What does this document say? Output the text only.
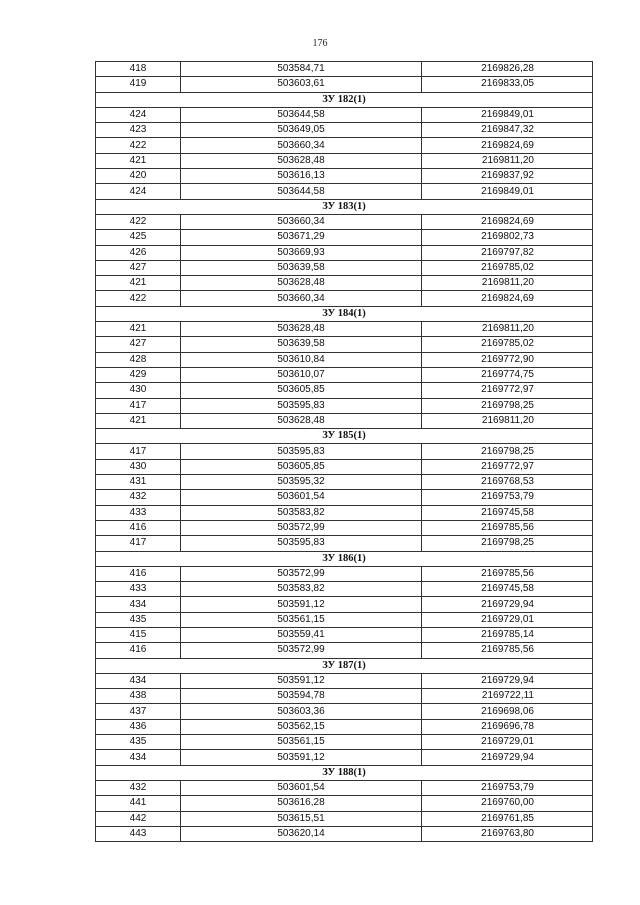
176
418	503584,71	2169826,28
419	503603,61	2169833,05
ЗУ 182(1)		
424	503644,58	2169849,01
423	503649,05	2169847,32
422	503660,34	2169824,69
421	503628,48	2169811,20
420	503616,13	2169837,92
424	503644,58	2169849,01
ЗУ 183(1)		
422	503660,34	2169824,69
425	503671,29	2169802,73
426	503669,93	2169797,82
427	503639,58	2169785,02
421	503628,48	2169811,20
422	503660,34	2169824,69
ЗУ 184(1)		
421	503628,48	2169811,20
427	503639,58	2169785,02
428	503610,84	2169772,90
429	503610,07	2169774,75
430	503605,85	2169772,97
417	503595,83	2169798,25
421	503628,48	2169811,20
ЗУ 185(1)		
417	503595,83	2169798,25
430	503605,85	2169772,97
431	503595,32	2169768,53
432	503601,54	2169753,79
433	503583,82	2169745,58
416	503572,99	2169785,56
417	503595,83	2169798,25
ЗУ 186(1)		
416	503572,99	2169785,56
433	503583,82	2169745,58
434	503591,12	2169729,94
435	503561,15	2169729,01
415	503559,41	2169785,14
416	503572,99	2169785,56
ЗУ 187(1)		
434	503591,12	2169729,94
438	503594,78	2169722,11
437	503603,36	2169698,06
436	503562,15	2169696,78
435	503561,15	2169729,01
434	503591,12	2169729,94
ЗУ 188(1)		
432	503601,54	2169753,79
441	503616,28	2169760,00
442	503615,51	2169761,85
443	503620,14	2169763,80
